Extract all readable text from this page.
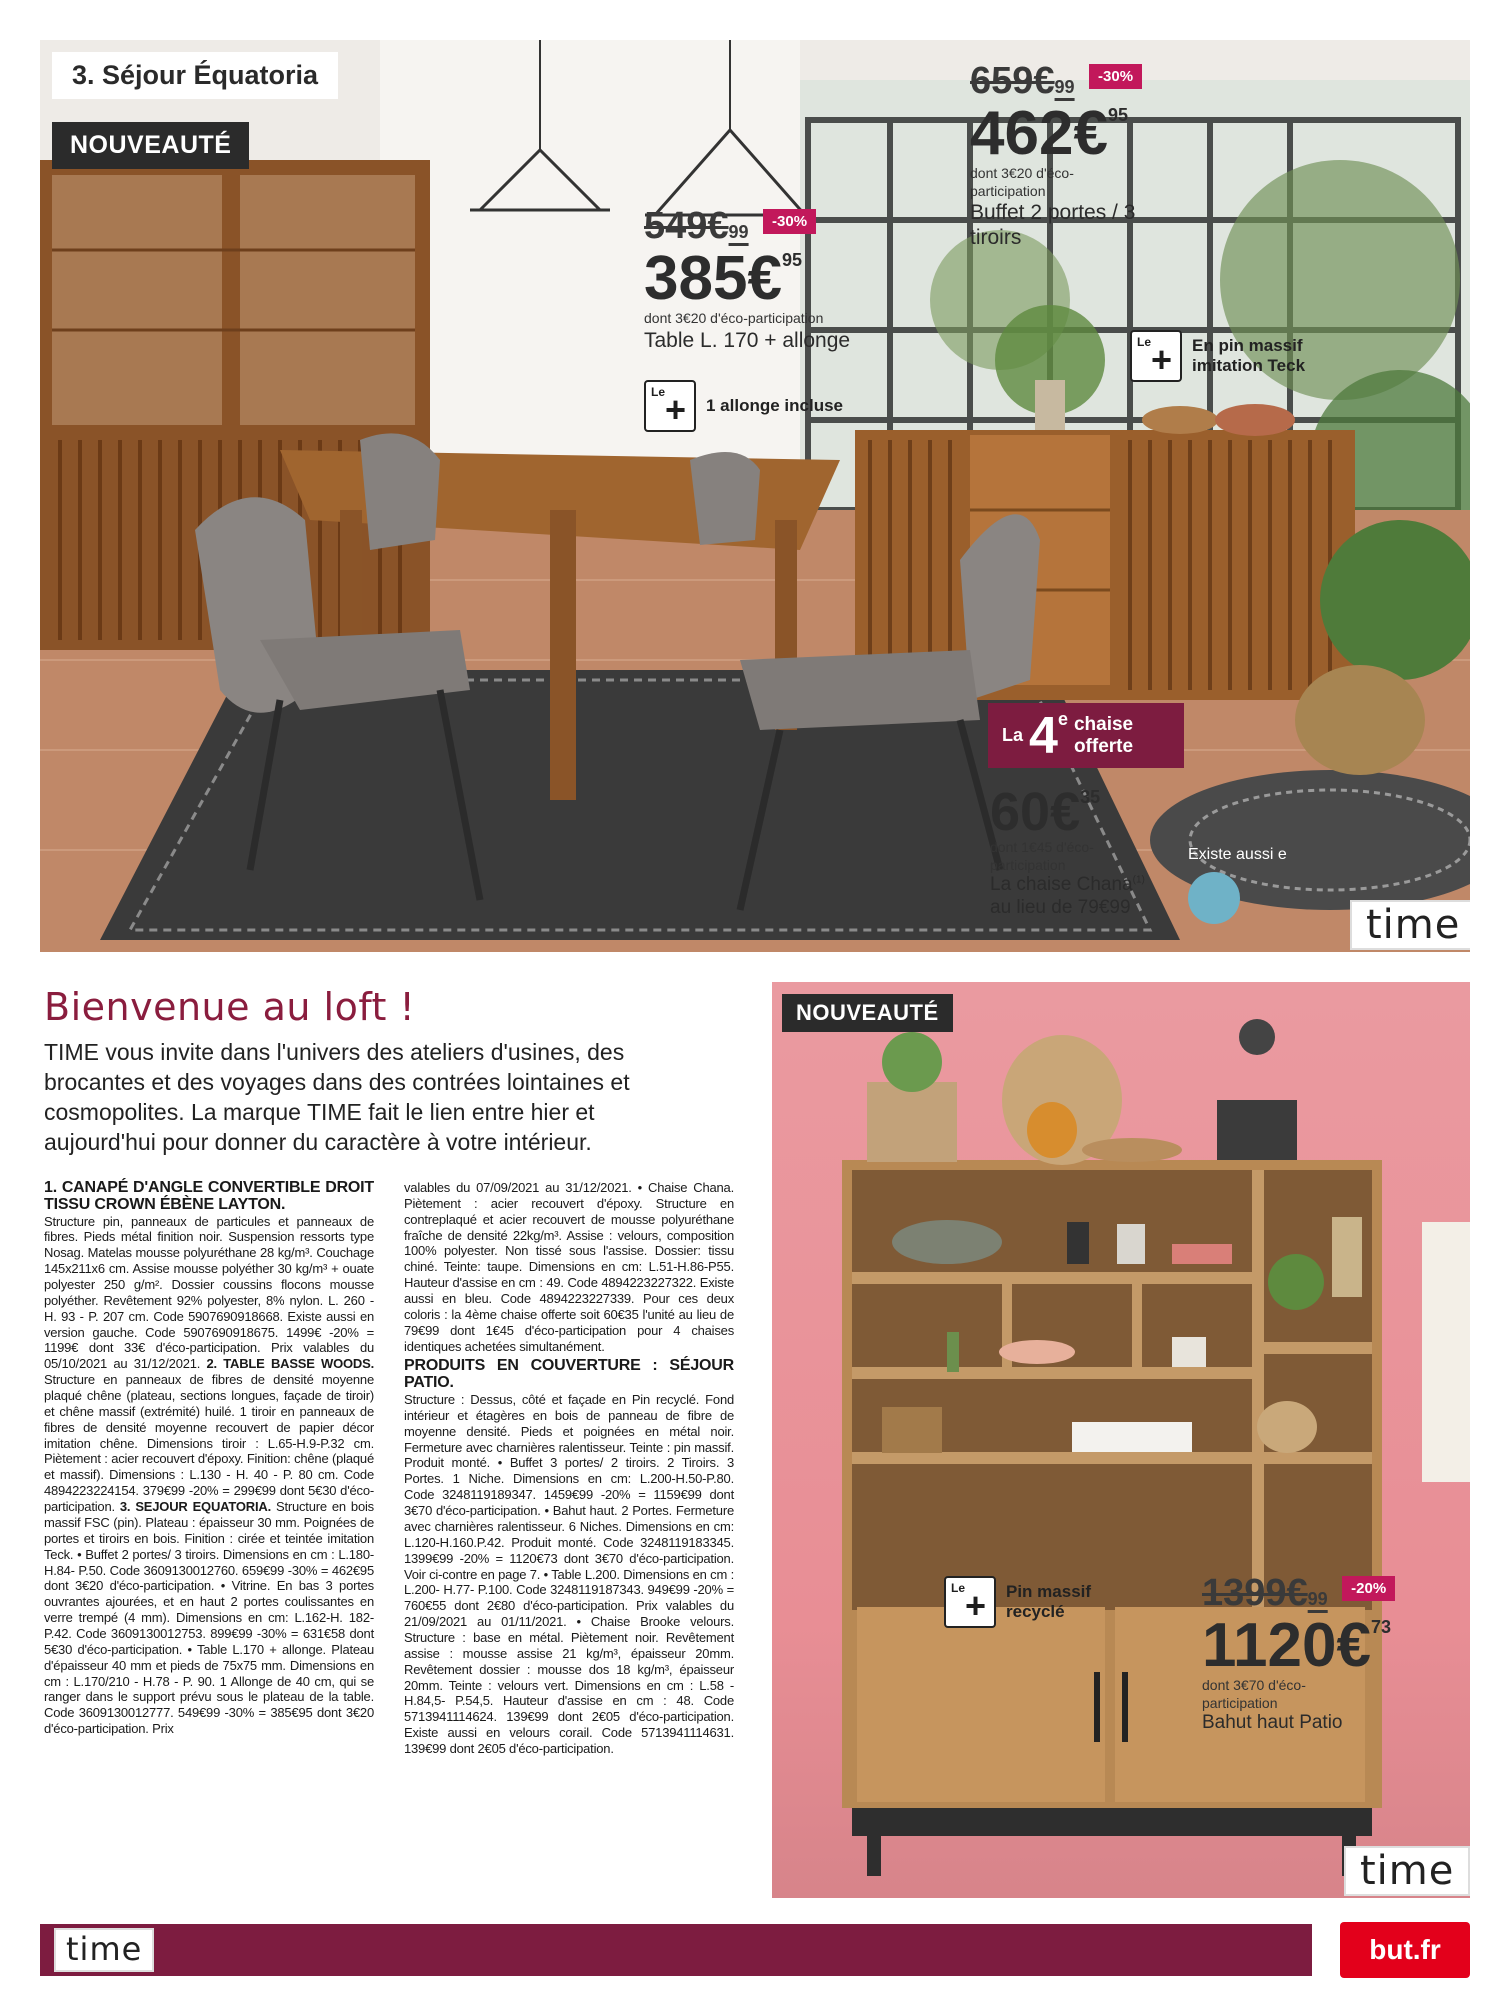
3. Séjour Équatoria
NOUVEAUTÉ
659€99 -30%
462€95
dont 3€20 d'éco-participation
Buffet 2 portes / 3 tiroirs
549€99 -30%
385€95
dont 3€20 d'éco-participation
Table L. 170 + allonge
Le + 1 allonge incluse
Le + En pin massif imitation Teck
La 4e chaise offerte
60€35
dont 1€45 d'éco-participation
La chaise Chana$^{(1)}$
au lieu de 79€99
Existe aussi e
time
Bienvenue au loft !
TIME vous invite dans l'univers des ateliers d'usines, des brocantes et des voyages dans des contrées lointaines et cosmopolites. La marque TIME fait le lien entre hier et aujourd'hui pour donner du caractère à votre intérieur.
1. CANAPÉ D'ANGLE CONVERTIBLE DROIT TISSU CROWN ÉBÈNE LAYTON.
Structure pin, panneaux de particules et panneaux de fibres. Pieds métal finition noir. Suspension ressorts type Nosag. Matelas mousse polyuréthane 28 kg/m³. Couchage 145x211x6 cm. Assise mousse polyéther 30 kg/m³ + ouate polyester 250 g/m². Dossier coussins flocons mousse polyéther. Revêtement 92% polyester, 8% nylon. L. 260 - H. 93 - P. 207 cm. Code 5907690918668. Existe aussi en version gauche. Code 5907690918675. 1499€ -20% = 1199€ dont 33€ d'éco-participation. Prix valables du 05/10/2021 au 31/12/2021. 2. TABLE BASSE WOODS. Structure en panneaux de fibres de densité moyenne plaqué chêne (plateau, sections longues, façade de tiroir) et chêne massif (extrémité) huilé. 1 tiroir en panneaux de fibres de densité moyenne recouvert de papier décor imitation chêne. Dimensions tiroir : L.65-H.9-P.32 cm. Piètement : acier recouvert d'époxy. Finition: chêne (plaqué et massif). Dimensions : L.130 - H. 40 - P. 80 cm. Code 4894223224154. 379€99 -20% = 299€99 dont 5€30 d'éco-participation. 3. SEJOUR EQUATORIA. Structure en bois massif FSC (pin). Plateau : épaisseur 30 mm. Poignées de portes et tiroirs en bois. Finition : cirée et teintée imitation Teck. • Buffet 2 portes/ 3 tiroirs. Dimensions en cm : L.180- H.84- P.50. Code 3609130012760. 659€99 -30% = 462€95 dont 3€20 d'éco-participation. • Vitrine. En bas 3 portes ouvrantes ajourées, et en haut 2 portes coulissantes en verre trempé (4 mm). Dimensions en cm: L.162-H. 182- P.42. Code 3609130012753. 899€99 -30% = 631€58 dont 5€30 d'éco-participation. • Table L.170 + allonge. Plateau d'épaisseur 40 mm et pieds de 75x75 mm. Dimensions en cm : L.170/210 - H.78 - P. 90. 1 Allonge de 40 cm, qui se ranger dans le support prévu sous le plateau de la table. Code 3609130012777. 549€99 -30% = 385€95 dont 3€20 d'éco-participation. Prix
valables du 07/09/2021 au 31/12/2021. • Chaise Chana. Piètement : acier recouvert d'époxy. Structure en contreplaqué et acier recouvert de mousse polyuréthane fraîche de densité 22kg/m³. Assise : velours, composition 100% polyester. Non tissé sous l'assise. Dossier: tissu chiné. Teinte: taupe. Dimensions en cm: L.51-H.86-P55. Hauteur d'assise en cm : 49. Code 4894223227322. Existe aussi en bleu. Code 4894223227339. Pour ces deux coloris : la 4ème chaise offerte soit 60€35 l'unité au lieu de 79€99 dont 1€45 d'éco-participation pour 4 chaises identiques achetées simultanément.
PRODUITS EN COUVERTURE : SÉJOUR PATIO.
Structure : Dessus, côté et façade en Pin recyclé. Fond intérieur et étagères en bois de panneau de fibre de moyenne densité. Pieds et poignées en métal noir. Fermeture avec charnières ralentisseur. Teinte : pin massif. Produit monté. • Buffet 3 portes/ 2 tiroirs. 2 Tiroirs. 3 Portes. 1 Niche. Dimensions en cm: L.200-H.50-P.80. Code 3248119189347. 1459€99 -20% = 1159€99 dont 3€70 d'éco-participation. • Bahut haut. 2 Portes. Fermeture avec charnières ralentisseur. 6 Niches. Dimensions en cm: L.120-H.160.P.42. Produit monté. Code 3248119183345. 1399€99 -20% = 1120€73 dont 3€70 d'éco-participation. Voir ci-contre en page 7. • Table L.200. Dimensions en cm : L.200- H.77- P.100. Code 3248119187343. 949€99 -20% = 760€55 dont 2€80 d'éco-participation. Prix valables du 21/09/2021 au 01/11/2021. • Chaise Brooke velours. Structure : base en métal. Piètement noir. Revêtement assise : mousse assise 21 kg/m³, épaisseur 20mm. Revêtement dossier : mousse dos 18 kg/m³, épaisseur 20mm. Teinte : velours vert. Dimensions en cm : L.58 -H.84,5- P.54,5. Hauteur d'assise en cm : 48. Code 5713941114624. 139€99 dont 2€05 d'éco-participation. Existe aussi en velours corail. Code 5713941114631. 139€99 dont 2€05 d'éco-participation.
NOUVEAUTÉ
Le + Pin massif recyclé	1399€99 -20%
1120€73
dont 3€70 d'éco-participation
Bahut haut Patio
time
time	but.fr
